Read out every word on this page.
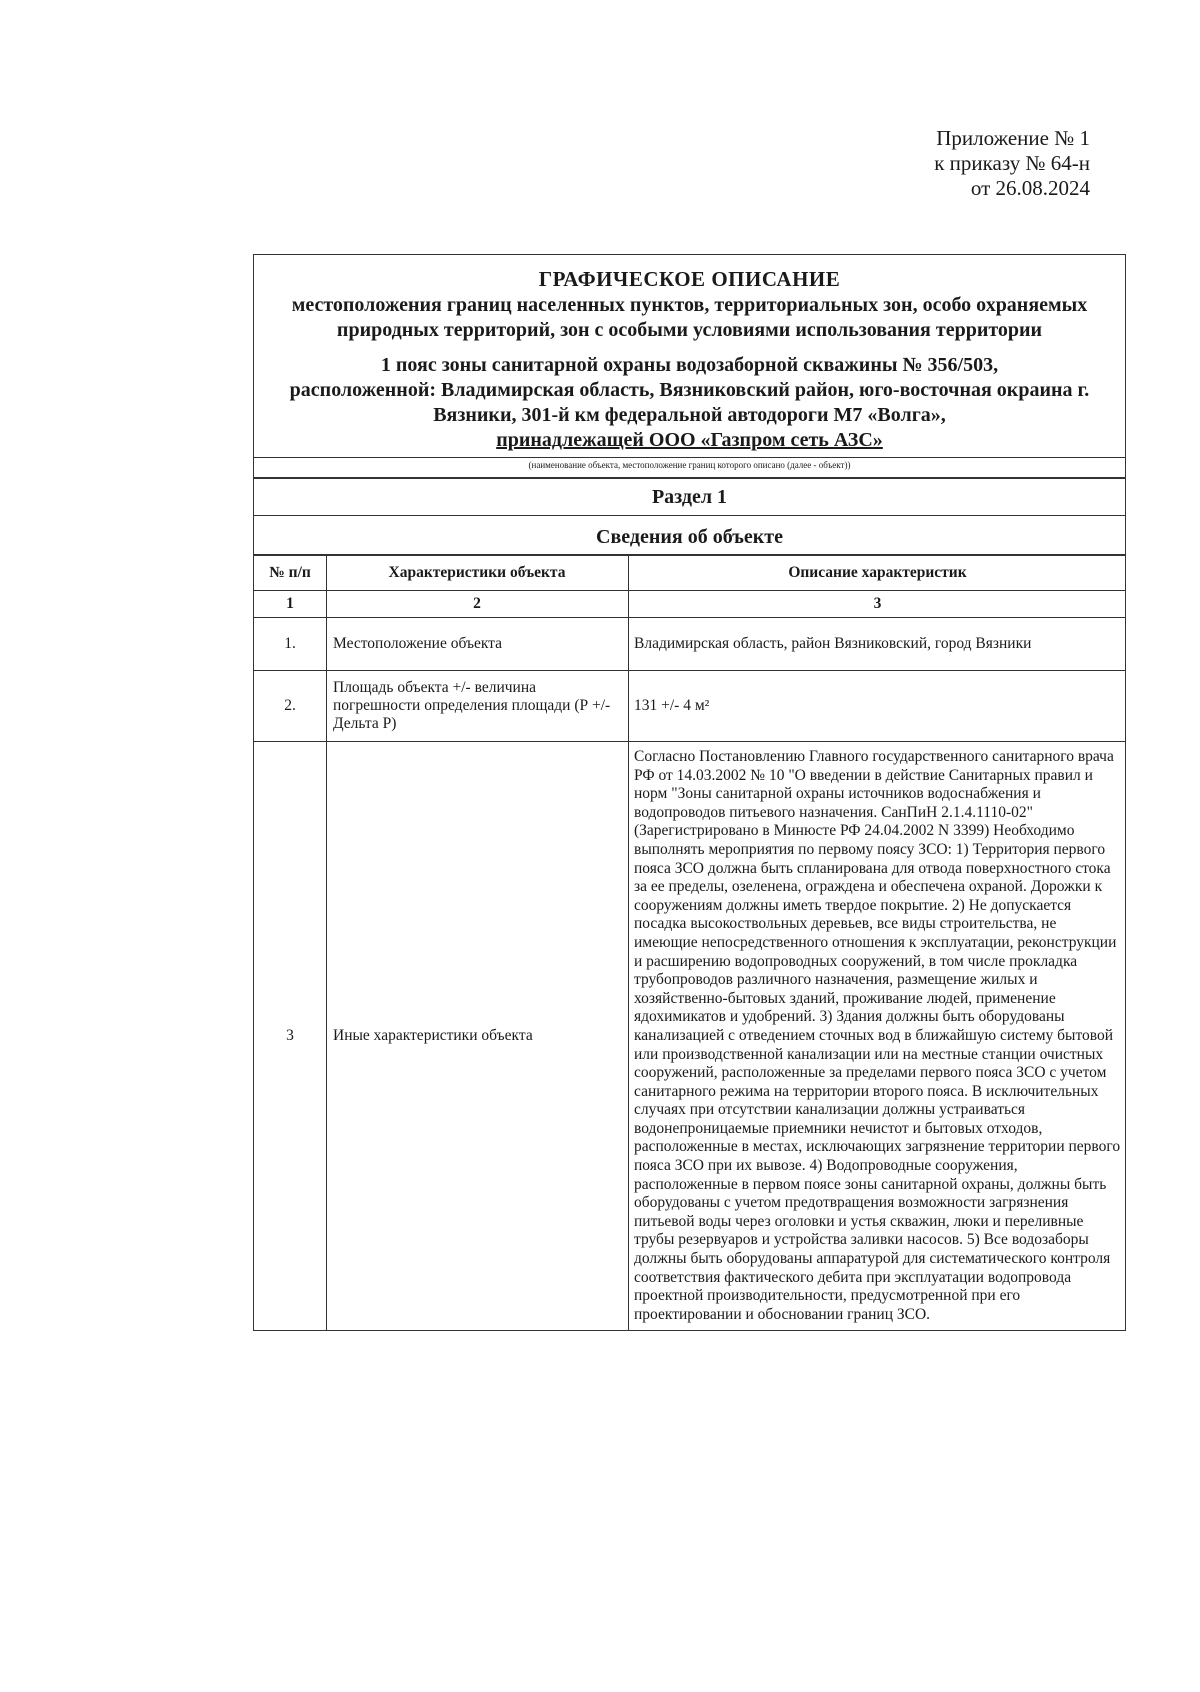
Приложение № 1
к приказу № 64-н
от 26.08.2024
ГРАФИЧЕСКОЕ ОПИСАНИЕ
местоположения границ населенных пунктов, территориальных зон, особо охраняемых природных территорий, зон с особыми условиями использования территории
1 пояс зоны санитарной охраны водозаборной скважины № 356/503,
расположенной: Владимирская область, Вязниковский район, юго-восточная окраина г. Вязники, 301-й км федеральной автодороги М7 «Волга»,
принадлежащей ООО «Газпром сеть АЗС»
(наименование объекта, местоположение границ которого описано (далее - объект))
Раздел 1
Сведения об объекте
№ п/п	Характеристики объекта	Описание характеристик
1	2	3
1.	Местоположение объекта	Владимирская область, район Вязниковский, город Вязники
2.	Площадь объекта +/- величина погрешности определения площади (Р +/- Дельта Р)	131 +/- 4 м²
3	Иные характеристики объекта	Согласно Постановлению Главного государственного санитарного врача РФ от 14.03.2002 № 10 "О введении в действие Санитарных правил и норм "Зоны санитарной охраны источников водоснабжения и водопроводов питьевого назначения. СанПиН 2.1.4.1110-02" (Зарегистрировано в Минюсте РФ 24.04.2002 N 3399) Необходимо выполнять мероприятия по первому поясу ЗСО: 1) Территория первого пояса ЗСО должна быть спланирована для отвода поверхностного стока за ее пределы, озеленена, ограждена и обеспечена охраной. Дорожки к сооружениям должны иметь твердое покрытие. 2) Не допускается посадка высокоствольных деревьев, все виды строительства, не имеющие непосредственного отношения к эксплуатации, реконструкции и расширению водопроводных сооружений, в том числе прокладка трубопроводов различного назначения, размещение жилых и хозяйственно-бытовых зданий, проживание людей, применение ядохимикатов и удобрений. 3) Здания должны быть оборудованы канализацией с отведением сточных вод в ближайшую систему бытовой или производственной канализации или на местные станции очистных сооружений, расположенные за пределами первого пояса ЗСО с учетом санитарного режима на территории второго пояса. В исключительных случаях при отсутствии канализации должны устраиваться водонепроницаемые приемники нечистот и бытовых отходов, расположенные в местах, исключающих загрязнение территории первого пояса ЗСО при их вывозе. 4) Водопроводные сооружения, расположенные в первом поясе зоны санитарной охраны, должны быть оборудованы с учетом предотвращения возможности загрязнения питьевой воды через оголовки и устья скважин, люки и переливные трубы резервуаров и устройства заливки насосов. 5) Все водозаборы должны быть оборудованы аппаратурой для систематического контроля соответствия фактического дебита при эксплуатации водопровода проектной производительности, предусмотренной при его проектировании и обосновании границ ЗСО.
